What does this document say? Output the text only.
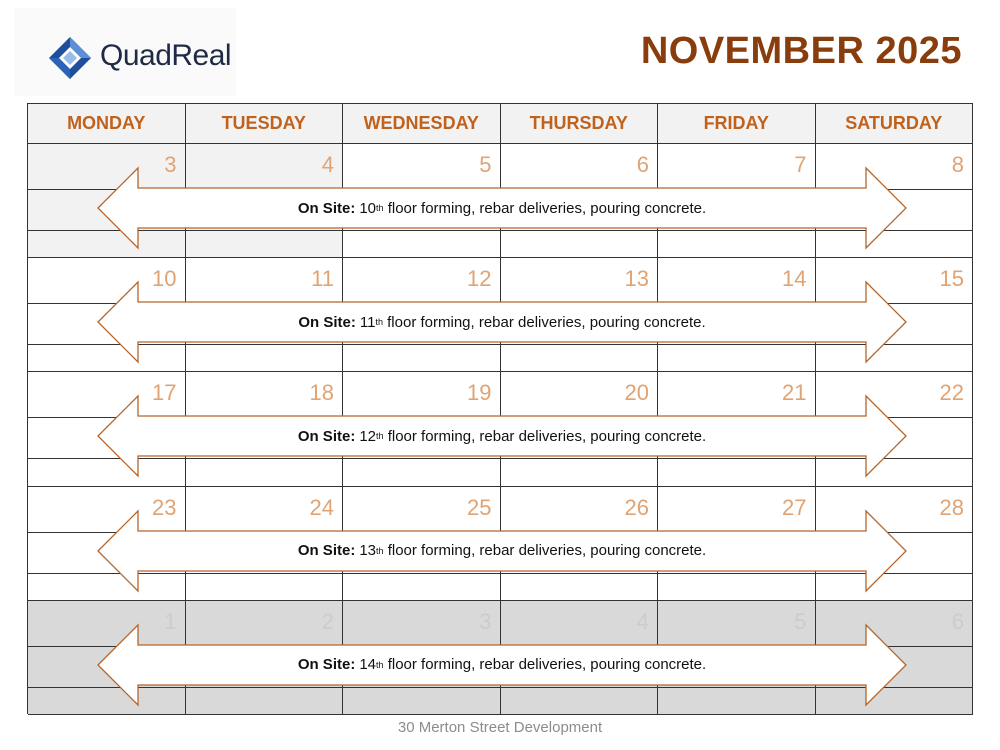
QuadReal	NOVEMBER 2025
MONDAY	TUESDAY	WEDNESDAY	THURSDAY	FRIDAY	SATURDAY
3	4	5	6	7	8
On Site: 10 th floor forming, rebar deliveries, pouring concrete.
10	11	12	13	14	15
On Site: 11 th floor forming, rebar deliveries, pouring concrete.
17	18	19	20	21	22
On Site: 12 th floor forming, rebar deliveries, pouring concrete.
23	24	25	26	27	28
On Site: 13 th floor forming, rebar deliveries, pouring concrete.
1	2	3	4	5	6
On Site: 14 th floor forming, rebar deliveries, pouring concrete.
30 Merton Street Development
